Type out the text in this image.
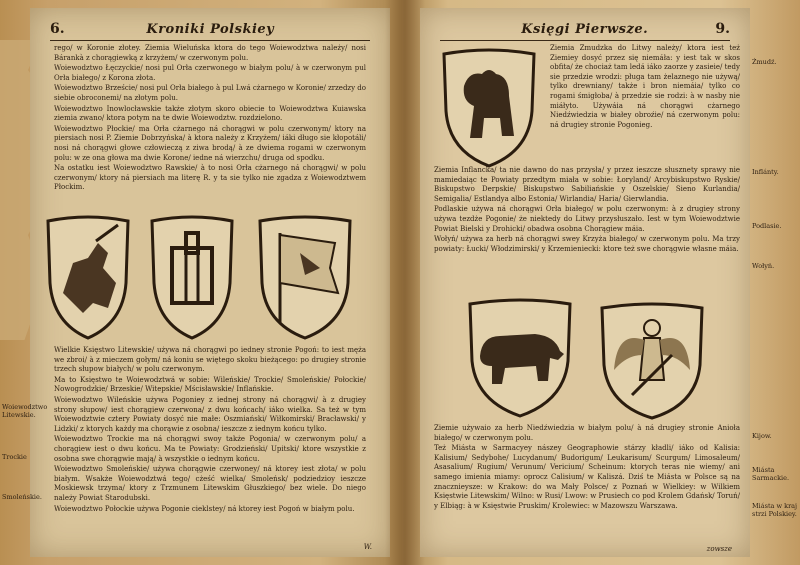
6.	Kroniki Polskiey

rego/ w Koronie złotey. Ziemia Wieluńska ktora do tego Woiewodztwa należy/ nosi Bárankà z chorągiewką z krzyżem/ w czerwonym polu.

Woiewodztwo Łęczyckie/ nosi pul Orła czerwonego w białym polu/ à w czerwonym pul Orła białego/ z Korona złota.

Woiewodztwo Brzeście/ nosi pul Orła białego à pul Lwá cżarnego w Koronie/ zrzedzy do siebie obroconemi/ na złotym polu.

Woiewodztwo Inowlocławskie także złotym skoro obiecie to Woiewodztwa Kuiawska ziemia zwano/ ktora potym na te dwie Woiewodztw. rozdzielono.

Woiewodztwo Płockie/ ma Orła cżarnego ná chorągwi w polu czerwonym/ ktory na piersiach nosi P. Ziemie Dobrzyńska/ à ktora należy z Krzyżem/ iáki długo sie kłopotáli/ nosi ná chorągwi głowe człowieczą z ziwa brodą/ à ze dwiema rogami w czerwonym polu: w ze ona głowa ma dwie Korone/ iedne ná wierzchu/ druga od spodku.

Na ostatku iest Woiewodztwo Rawskie/ à to nosi Orła cżarnego ná chorągwi/ w polu czerwonym/ ktory ná piersiach ma literę R. y ta sie tylko nie zgadza z Woiewodztwem Płockim.

Wielkie Księstwo Litewskie/ używa ná chorągwi po iedney stronie Pogoń: to iest męża we zbroi/ à z mieczem gołym/ ná koniu se więtego skoku bieżącego: po drugiey stronie trzech słupow białych/ w polu czerwonym.

Ma to Księstwo te Woiewodztwá w sobie: Wileńskie/ Trockie/ Smoleńskie/ Połockie/ Nowogrodzkie/ Brzeskie/ Witepskie/ Mścisławskie/ Inflańskie.

Woiewodztwo Wileńskie używa Pogoniey z iednej strony ná chorągwi/ à z drugiey strony słupow/ iest chorągiew czerwona/ z dwu końcach/ iáko wielka. Sa też w tym Woiewodztwie cztery Powiaty dosyć nie małe: Oszmiański/ Wiłkomirski/ Bracławski/ y Lidzki/ z ktorych każdy ma chorąwie z osobna/ ieszcze z iednym końcu tylko.

Woiewodztwo Trockie ma ná chorągwi swoy także Pogonia/ w czerwonym polu/ a chorągiew iest o dwu końcu. Ma te Powiaty: Grodzieński/ Upitski/ ktore wszystkie z osobna swe chorągwie mają/ à wszystkie o iednym końcu.

Woiewodztwo Smoleńskie/ używa chorągwie czerwoney/ ná ktorey iest złota/ w polu białym. Wsakże Woiewodztwá tego/ cżeść wielka/ Smoleńsk/ podziedzioy ieszcze Moskiewsk trzyma/ ktory z Trzmunem Litewskim Głuszkiego/ bez wiele. Do niego należy Powiat Starodubski.

Woiewodztwo Połockie używa Pogonie cieklstey/ ná ktorey iest Pogoń w białym polu.

Woiewodztwo Litewskie.
Trockie
Smoleńskie.
W.
Księgi Pierwsze.	9.

Ziemia Żmudzka do Litwy należy/ ktora iest też Ziemiey dosyć przez się niemáła: y iest tak w skos obfita/ że chociaż tam ledá iáko zaorze y zasieie/ tedy sie przedzie wrodzi: pługa tam żelaznego nie używą/ tylko drewniany/ także i bron niemáia/ tylko co rogami śmigłoba/ à przedzie sie rodzi: à w nasby nie miáłyto. Używáia ná chorągwi cżarnego Niedźwiedzia w białey obroźie/ ná czerwonym polu: ná drugiey stronie Pogonieg.

Ziemia Inflancka/ ta nie dawno do nas przysła/ y przez ieszcze słusznety sprawy nie mamiedaiąc te Powiaty przedtym miała w sobie: Łoryland/ Arcybiskupstwo Ryskie/ Biskupstwo Derpskie/ Biskupstwo Sabiliańskie y Oszelskie/ Sieno Kurlandia/ Semigalia/ Estlandya albo Estonia/ Wirlandia/ Haria/ Gierwlandia.

Podlaskie używa ná chorągwi Orła białego/ w polu czerwonym: à z drugiey strony używa tezdże Pogonie/ że niektedy do Litwy przysłuszało. Iest w tym Woiewodztwie Powiat Bielski y Drohicki/ obadwa osobna Chorągiew máia.

Wołyń/ używa za herb ná chorągwi swey Krzyża białego/ w czerwonym polu. Ma trzy powiaty: Łucki/ Włodzimirski/ y Krzemieniecki: ktore też swe chorągwie własne máia.

Ziemie używaio za herb Niedźwiedzia w białym polu/ à ná drugiey stronie Anioła białego/ w czerwonym polu.

Też Miásta w Sarmacyey nászey Geographowie stárzy kładli/ iáko od Kalisia: Kalisium/ Sedybohe/ Lucydanum/ Budorigum/ Leukarisum/ Scurgum/ Limosaleum/ Asasalium/ Rugium/ Verunum/ Vericium/ Scheinum: ktorych teras nie wiemy/ ani samego imienia miamy: oprocz Calisium/ w Kaliszá. Dziś te Miásta w Polsce są na znacznieysze: w Krakow: do wa Mały Polsce/ z Poznań w Wielkiey: w Wilkiem Księstwie Litewskim/ Wilno: w Rusi/ Lwow: w Prusiech co pod Krolem Gdańsk/ Toruń/ y Elbiąg: à w Księstwie Pruskim/ Krolewiec: w Mazowszu Warszawa.

zowsze
Żmudź.
Inflánty.
Podlasie.
Wołyń.
Kijow.
Miásta Sarmackie.
Miásta w kraj strzi Polskiey.
